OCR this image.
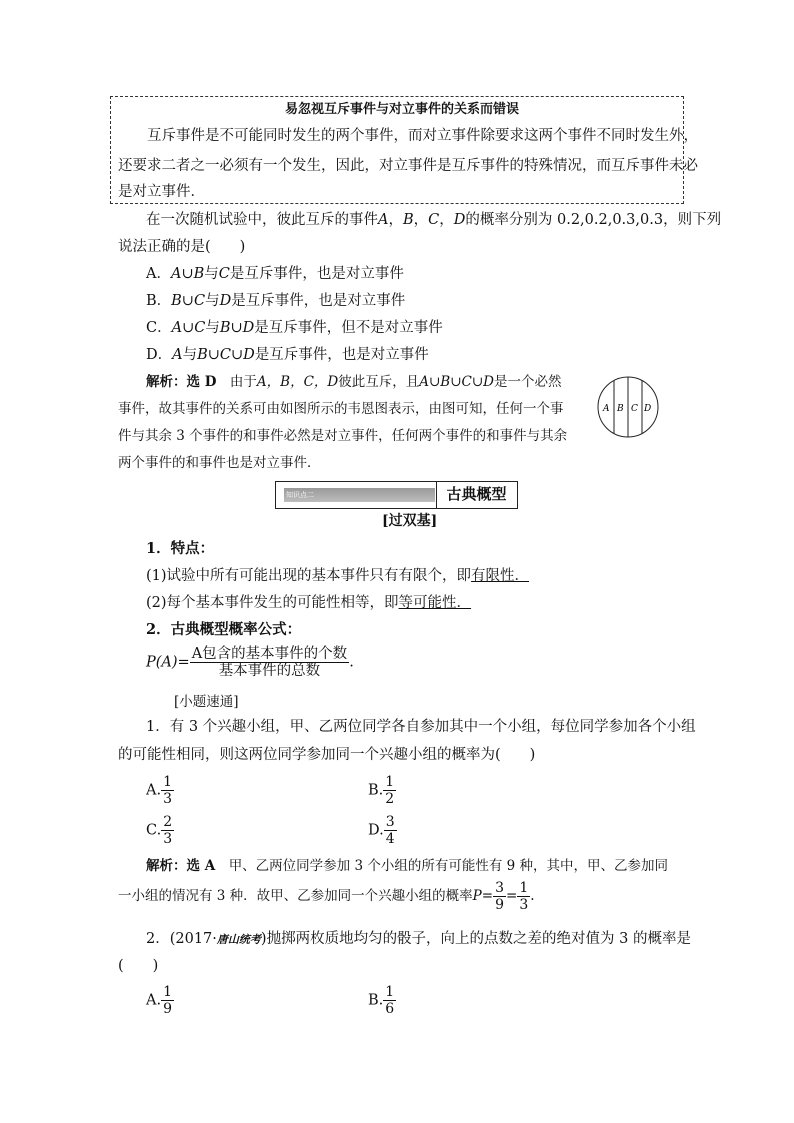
易忽视互斥事件与对立事件的关系而错误
互斥事件是不可能同时发生的两个事件，而对立事件除要求这两个事件不同时发生外，
还要求二者之一必须有一个发生，因此，对立事件是互斥事件的特殊情况，而互斥事件未必
是对立事件．
在一次随机试验中，彼此互斥的事件A，B，C，D的概率分别为 0.2,0.2,0.3,0.3，则下列
说法正确的是(　　)
A．A∪B与C是互斥事件，也是对立事件
B．B∪C与D是互斥事件，也是对立事件
C．A∪C与B∪D是互斥事件，但不是对立事件
D．A与B∪C∪D是互斥事件，也是对立事件
解析：选 D　 由于A，B，C，D彼此互斥，且A∪B∪C∪D是一个必然
事件，故其事件的关系可由如图所示的韦恩图表示，由图可知，任何一个事
件与其余 3 个事件的和事件必然是对立事件，任何两个事件的和事件与其余
两个事件的和事件也是对立事件．
A B C D
知识点二	古典概型
[过双基]
1．特点：
(1)试验中所有可能出现的基本事件只有有限个，即有限性．
(2)每个基本事件发生的可能性相等，即等可能性．
2．古典概型概率公式：
$P(A)= \frac{\text{A包含的基本事件的个数}}{\text{基本事件的总数}}$ .
[小题速通]
1．有 3 个兴趣小组，甲、乙两位同学各自参加其中一个小组，每位同学参加各个小组
的可能性相同，则这两位同学参加同一个兴趣小组的概率为(　　)
A. $\frac{1}{3}$	B. $\frac{1}{2}$
C. $\frac{2}{3}$	D. $\frac{3}{4}$
解析：选 A　 甲、乙两位同学参加 3 个小组的所有可能性有 9 种，其中，甲、乙参加同
一小组的情况有 3 种．故甲、乙参加同一个兴趣小组的概率$P= \frac{3}{9} = \frac{1}{3}$ .
2．(2017·唐山统考)抛掷两枚质地均匀的骰子，向上的点数之差的绝对值为 3 的概率是
(　　)
A. $\frac{1}{9}$	B. $\frac{1}{6}$
